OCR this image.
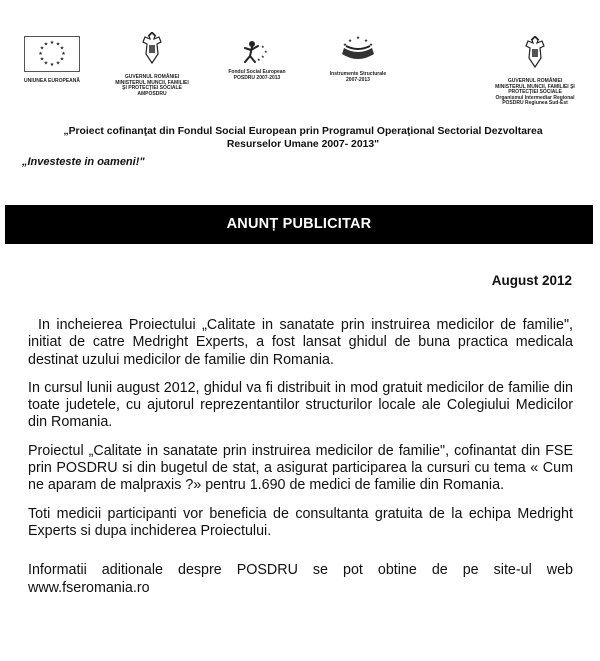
★ ★
★
★
★
★
★
★
★
★
★
★
UNIUNEA EUROPEANĂ
GUVERNUL ROMÂNIEI
MINISTERUL MUNCII, FAMILIEI
ŞI PROTECŢIEI SOCIALE
AMPOSDRU
★
★
★
★
Fondul Social European
POSDRU 2007-2013
★
★
★
★	★
Instrumente Structurale
2007-2013	GUVERNUL ROMÂNIEI
MINISTERUL MUNCII, FAMILIEI ŞI
PROTECŢIEI SOCIALE
Organismul Intermediar Regional
POSDRU Regiunea Sud-Est
„Proiect cofinanţat din Fondul Social European prin Programul Operaţional Sectorial Dezvoltarea Resurselor Umane 2007- 2013"
„Investeste in oameni!"
ANUNȚ PUBLICITAR
August 2012

In incheierea Proiectului „Calitate in sanatate prin instruirea medicilor de familie", initiat de catre Medright Experts, a fost lansat ghidul de buna practica medicala destinat uzului medicilor de familie din Romania.

In cursul lunii august 2012, ghidul va fi distribuit in mod gratuit medicilor de familie din toate judetele, cu ajutorul reprezentantilor structurilor locale ale Colegiului Medicilor din Romania.

Proiectul „Calitate in sanatate prin instruirea medicilor de familie", cofinantat din FSE prin POSDRU si din bugetul de stat, a asigurat participarea la cursuri cu tema « Cum ne aparam de malpraxis ?» pentru 1.690 de medici de familie din Romania.

Toti medicii participanti vor beneficia de consultanta gratuita de la echipa Medright Experts si dupa inchiderea Proiectului.

Informatii aditionale despre POSDRU se pot obtine de pe site-ul web www.fseromania.ro
